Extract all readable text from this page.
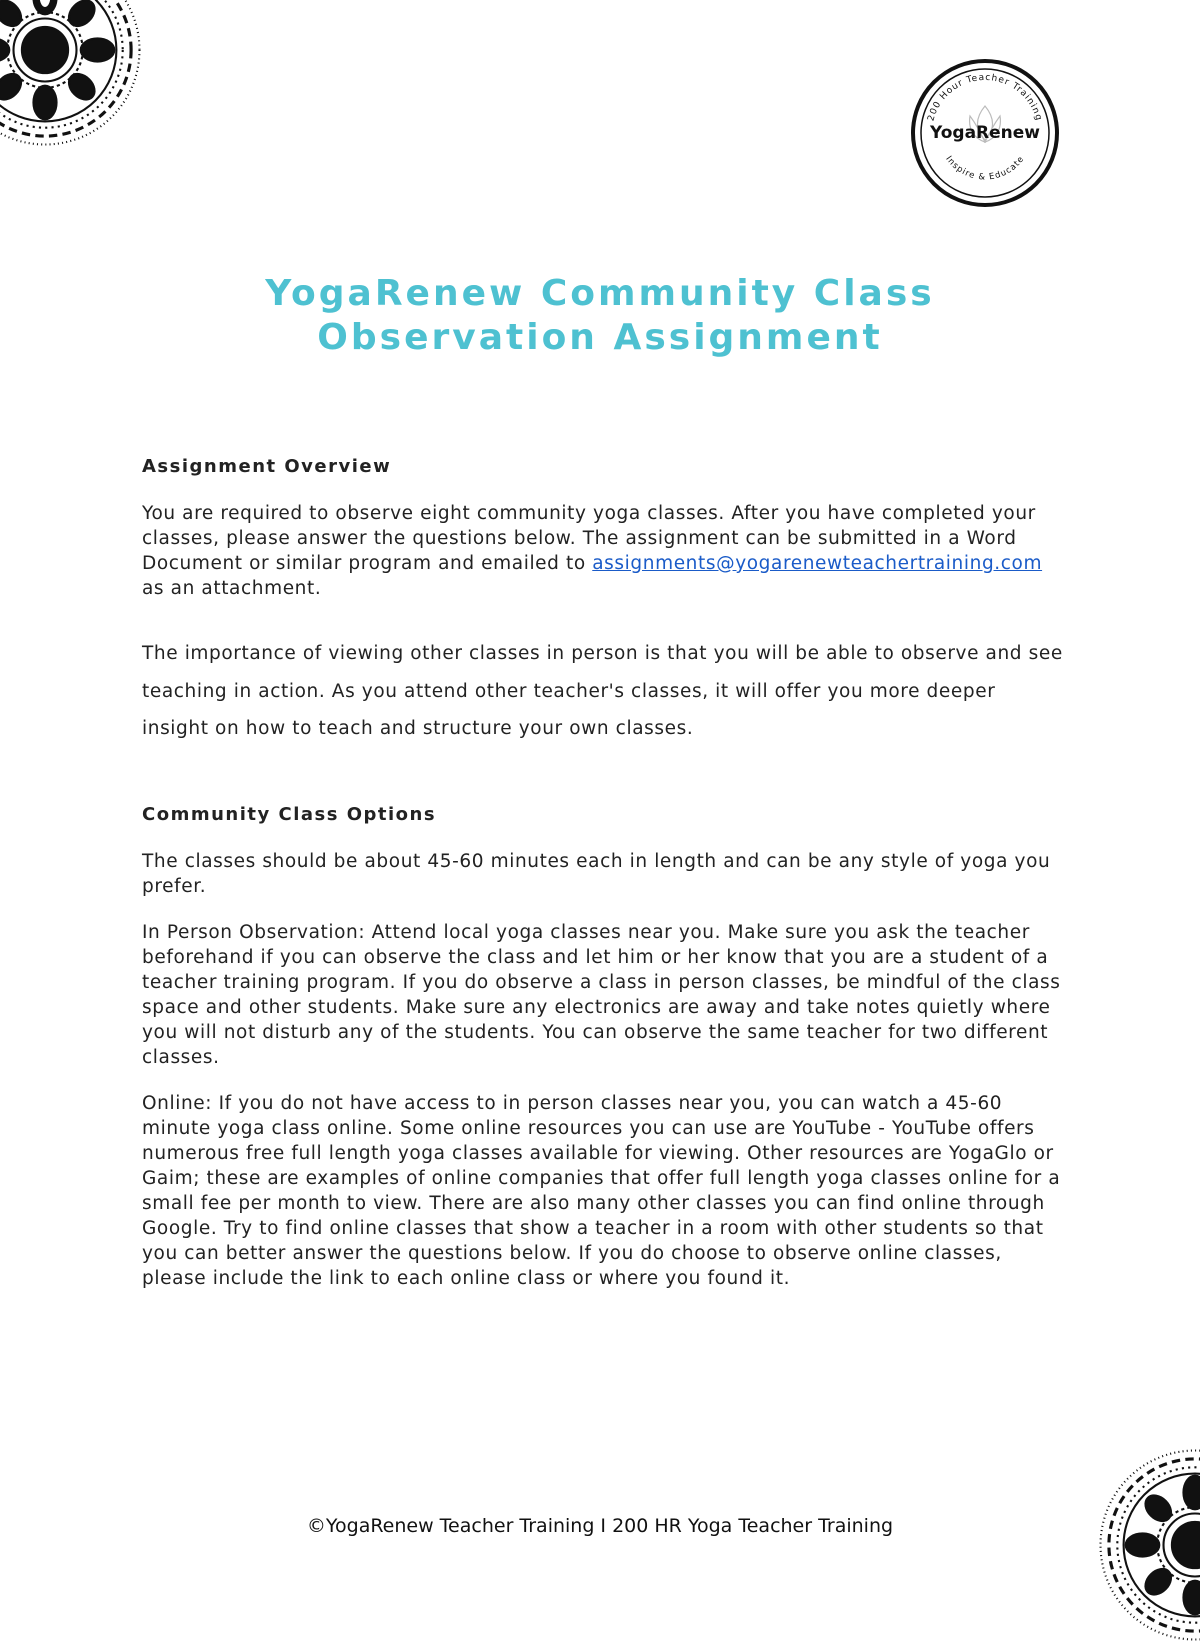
200 Hour Teacher Training
YogaRenew
Inspire & Educate
YogaRenew Community Class
Observation Assignment
Assignment Overview

You are required to observe eight community yoga classes. After you have completed your classes, please answer the questions below. The assignment can be submitted in a Word Document or similar program and emailed to assignments@yogarenewteachertraining.com as an attachment.

The importance of viewing other classes in person is that you will be able to observe and see teaching in action. As you attend other teacher's classes, it will offer you more deeper insight on how to teach and structure your own classes.

Community Class Options

The classes should be about 45-60 minutes each in length and can be any style of yoga you prefer.

In Person Observation: Attend local yoga classes near you. Make sure you ask the teacher beforehand if you can observe the class and let him or her know that you are a student of a teacher training program. If you do observe a class in person classes, be mindful of the class space and other students. Make sure any electronics are away and take notes quietly where you will not disturb any of the students. You can observe the same teacher for two different classes.

Online: If you do not have access to in person classes near you, you can watch a 45-60 minute yoga class online. Some online resources you can use are YouTube - YouTube offers numerous free full length yoga classes available for viewing. Other resources are YogaGlo or Gaim; these are examples of online companies that offer full length yoga classes online for a small fee per month to view. There are also many other classes you can find online through Google. Try to find online classes that show a teacher in a room with other students so that you can better answer the questions below. If you do choose to observe online classes, please include the link to each online class or where you found it.

©YogaRenew Teacher Training I 200 HR Yoga Teacher Training
